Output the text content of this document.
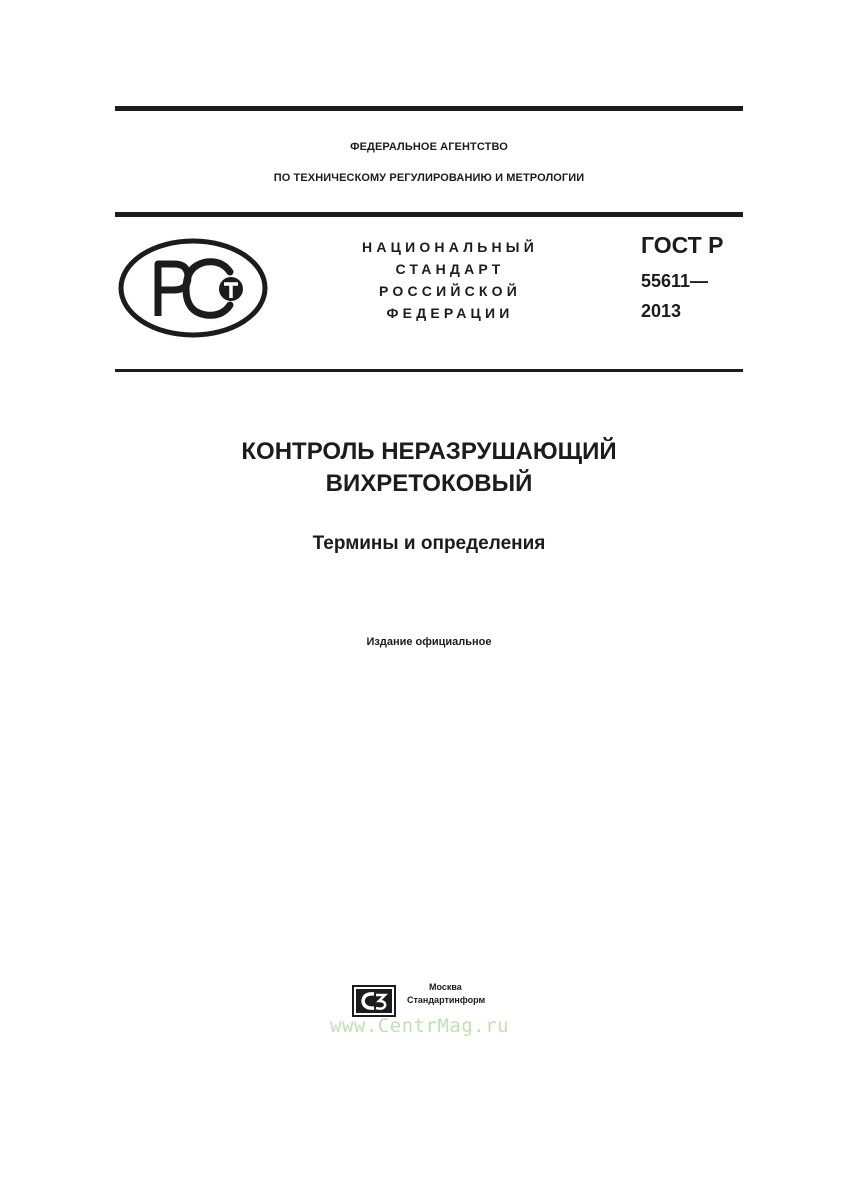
ФЕДЕРАЛЬНОЕ АГЕНТСТВО
ПО ТЕХНИЧЕСКОМУ РЕГУЛИРОВАНИЮ И МЕТРОЛОГИИ
НАЦИОНАЛЬНЫЙ
СТАНДАРТ
РОССИЙСКОЙ
ФЕДЕРАЦИИ
ГОСТ Р
55611—
2013
КОНТРОЛЬ НЕРАЗРУШАЮЩИЙ
ВИХРЕТОКОВЫЙ
Термины и определения
Издание официальное
Москва
Стандартинформ
www.CentrMag.ru
